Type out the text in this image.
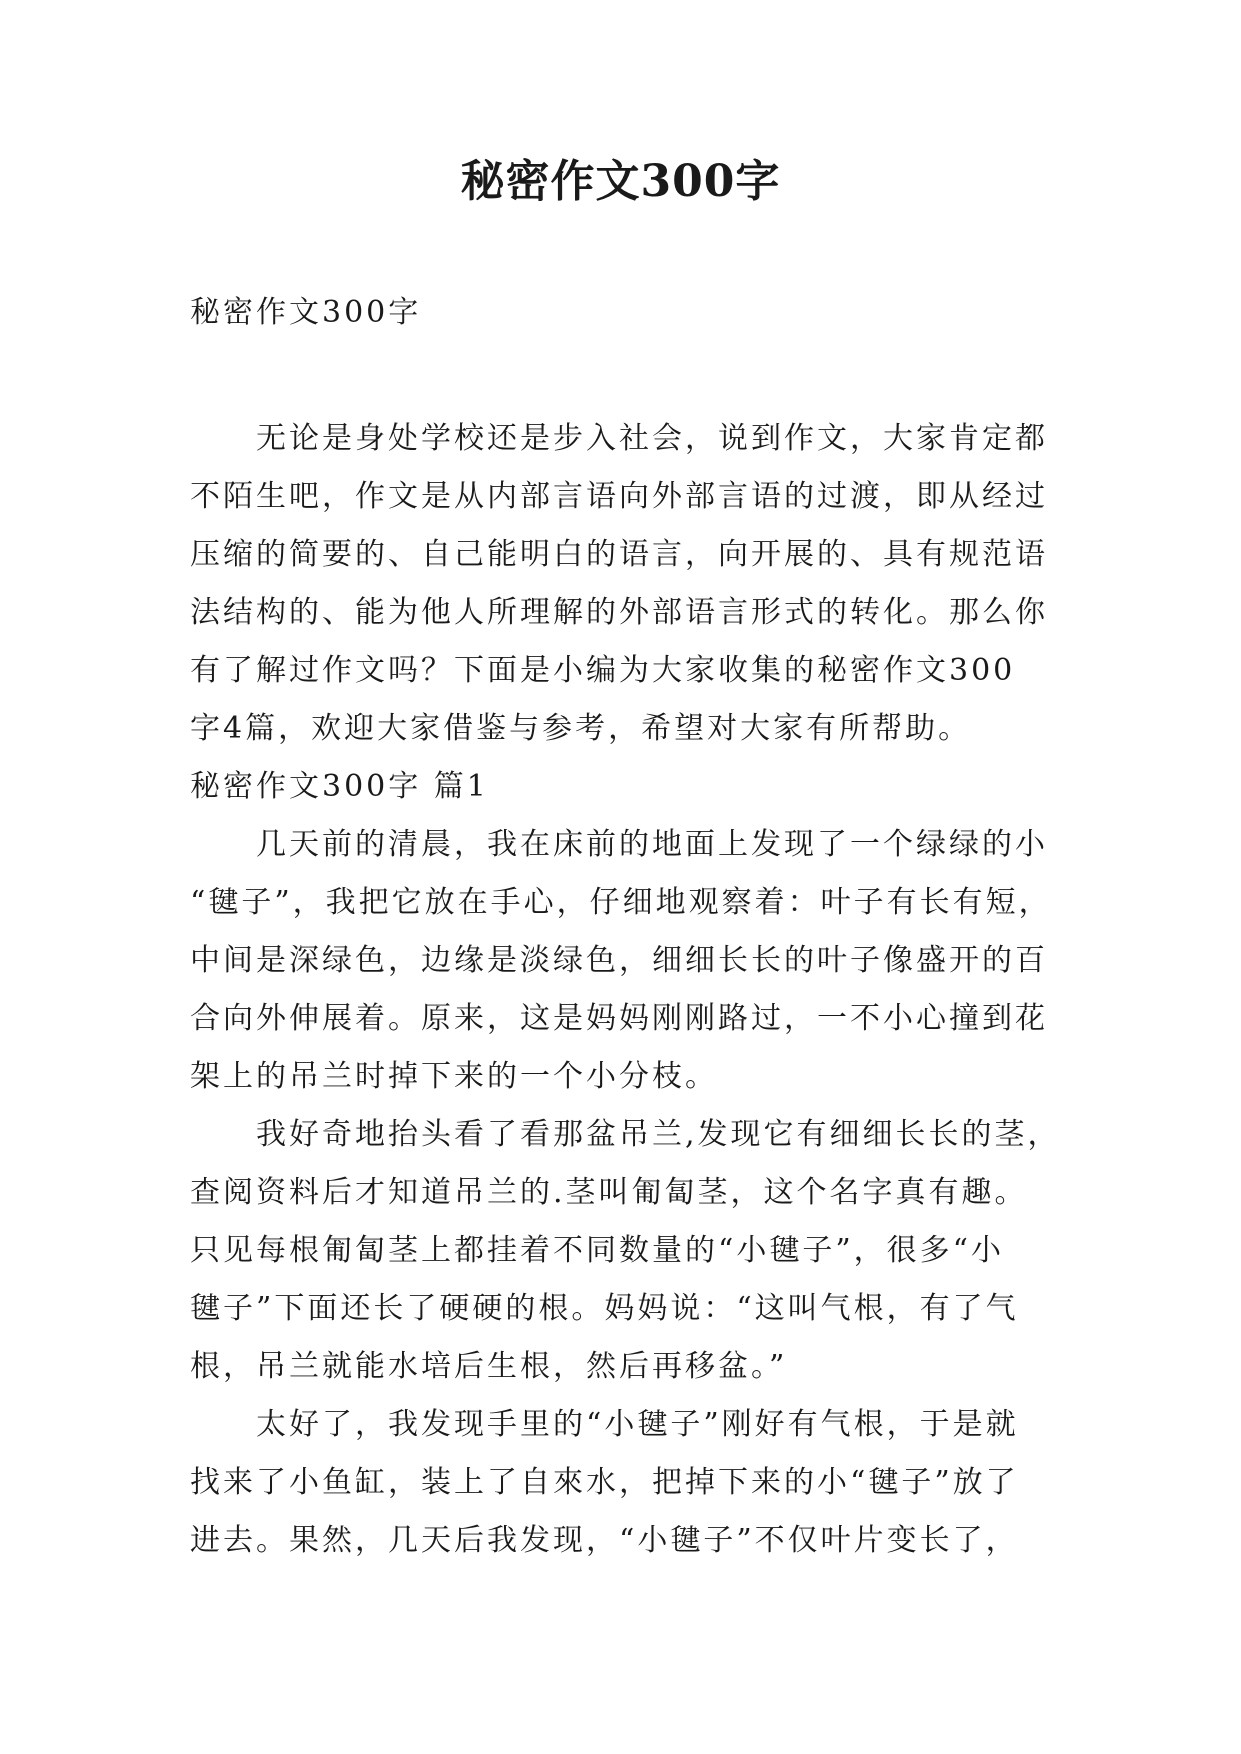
秘密作文300字
秘密作文300字
无论是身处学校还是步入社会，说到作文，大家肯定都
不陌生吧，作文是从内部言语向外部言语的过渡，即从经过
压缩的简要的、自己能明白的语言，向开展的、具有规范语
法结构的、能为他人所理解的外部语言形式的转化。那么你
有了解过作文吗？下面是小编为大家收集的秘密作文300
字4篇，欢迎大家借鉴与参考，希望对大家有所帮助。
秘密作文300字 篇1
几天前的清晨，我在床前的地面上发现了一个绿绿的小
“毽子”，我把它放在手心，仔细地观察着：叶子有长有短，
中间是深绿色，边缘是淡绿色，细细长长的叶子像盛开的百
合向外伸展着。原来，这是妈妈刚刚路过，一不小心撞到花
架上的吊兰时掉下来的一个小分枝。
我好奇地抬头看了看那盆吊兰,发现它有细细长长的茎，
查阅资料后才知道吊兰的.茎叫匍匐茎，这个名字真有趣。
只见每根匍匐茎上都挂着不同数量的“小毽子”，很多“小
毽子”下面还长了硬硬的根。妈妈说：“这叫气根，有了气
根，吊兰就能水培后生根，然后再移盆。”
太好了，我发现手里的“小毽子”刚好有气根，于是就
找来了小鱼缸，装上了自來水，把掉下来的小“毽子”放了
进去。果然，几天后我发现，“小毽子”不仅叶片变长了，
